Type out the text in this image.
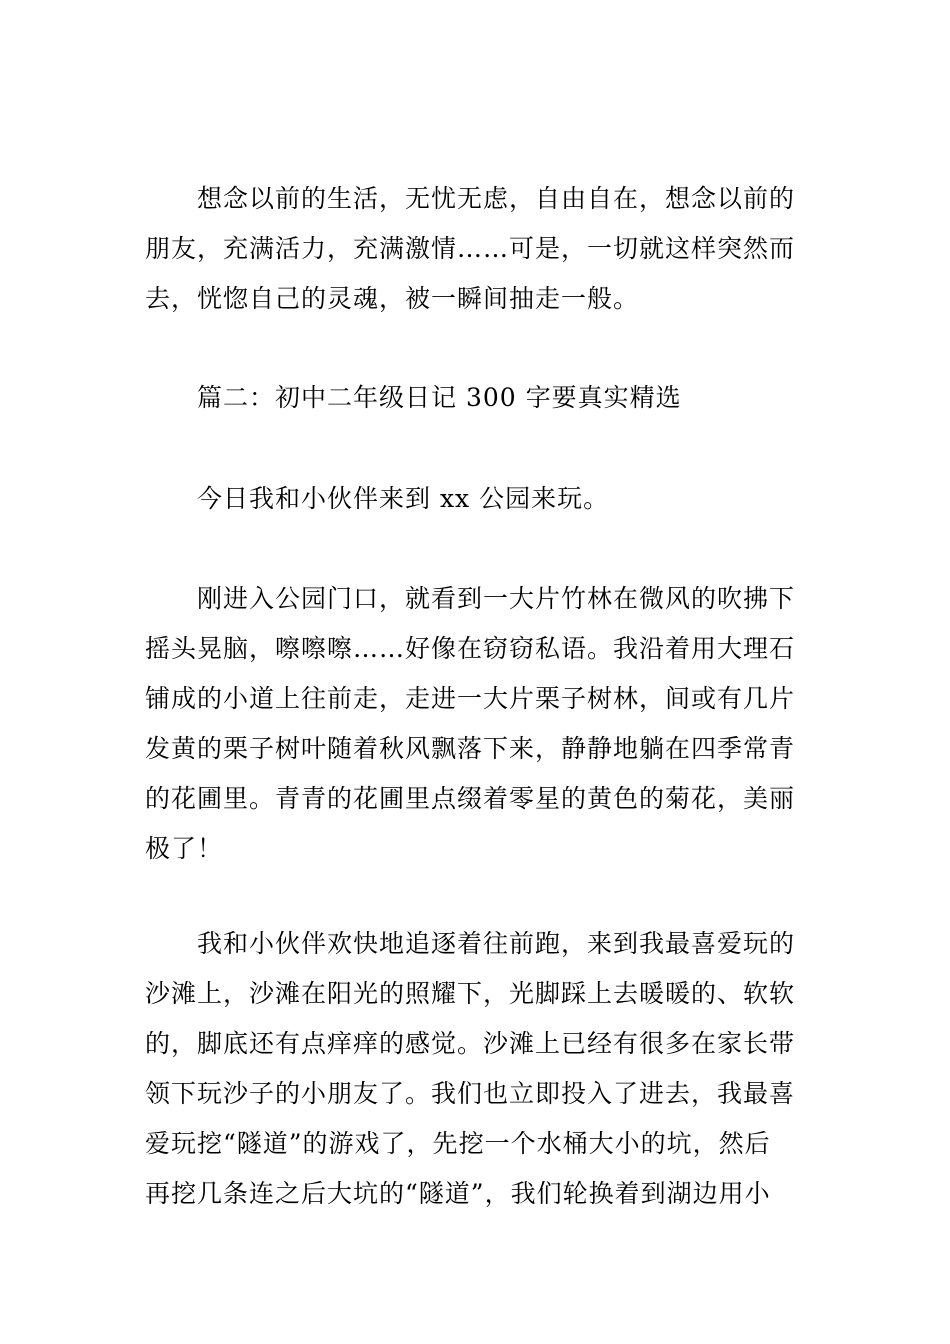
　　想念以前的生活，无忧无虑，自由自在，想念以前的
朋友，充满活力，充满激情……可是，一切就这样突然而
去，恍惚自己的灵魂，被一瞬间抽走一般。
　　篇二：初中二年级日记 300 字要真实精选
　　今日我和小伙伴来到 xx 公园来玩。
　　刚进入公园门口，就看到一大片竹林在微风的吹拂下
摇头晃脑，嚓嚓嚓……好像在窃窃私语。我沿着用大理石
铺成的小道上往前走，走进一大片栗子树林，间或有几片
发黄的栗子树叶随着秋风飘落下来，静静地躺在四季常青
的花圃里。青青的花圃里点缀着零星的黄色的菊花，美丽
极了！
　　我和小伙伴欢快地追逐着往前跑，来到我最喜爱玩的
沙滩上，沙滩在阳光的照耀下，光脚踩上去暖暖的、软软
的，脚底还有点痒痒的感觉。沙滩上已经有很多在家长带
领下玩沙子的小朋友了。我们也立即投入了进去，我最喜
爱玩挖“隧道”的游戏了，先挖一个水桶大小的坑，然后
再挖几条连之后大坑的“隧道”，我们轮换着到湖边用小
